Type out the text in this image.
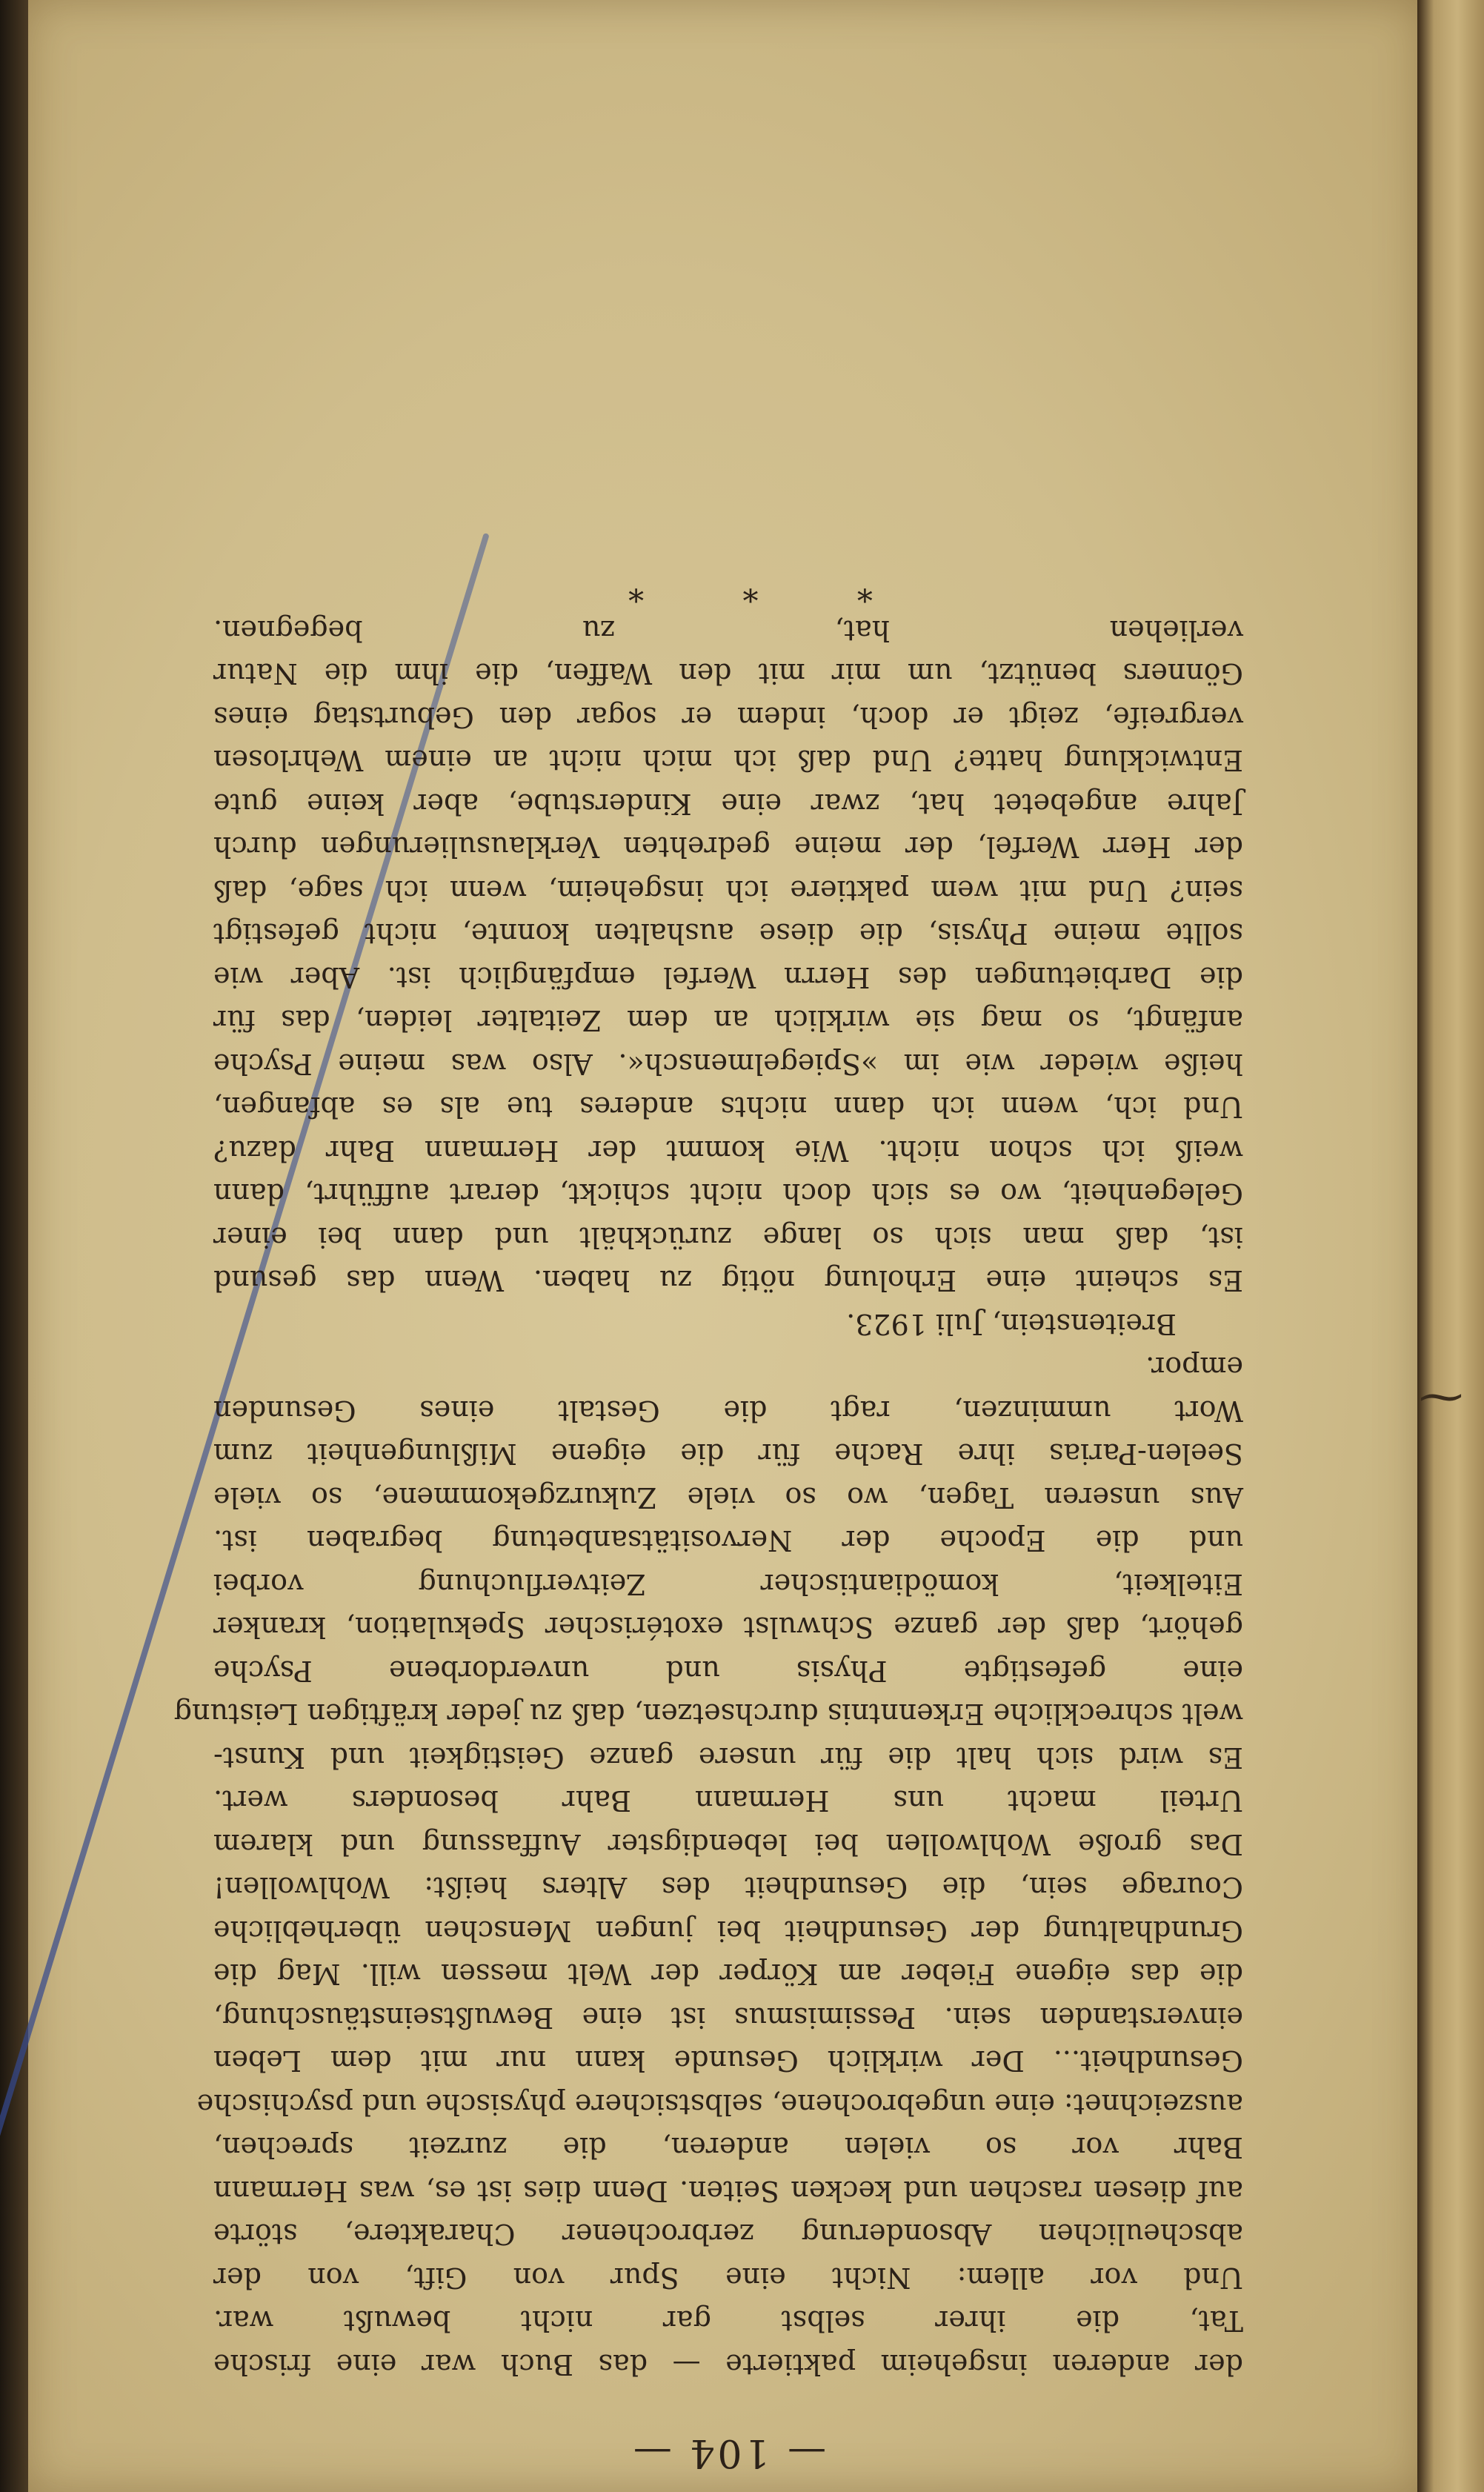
— 104 —
der anderen insgeheim paktierte — das Buch war eine frische
Tat, die ihrer selbst gar nicht bewußt war.
Und vor allem: Nicht eine Spur von Gift, von der
abscheulichen Absonderung zerbrochener Charaktere, störte
auf diesen raschen und kecken Seiten. Denn dies ist es, was Hermann
Bahr vor so vielen anderen, die zurzeit sprechen,
auszeichnet: eine ungebrochene, selbstsichere physische und psychische
Gesundheit... Der wirklich Gesunde kann nur mit dem Leben
einverstanden sein. Pessimismus ist eine Bewußtseinstäuschung,
die das eigene Fieber am Körper der Welt messen will. Mag die
Grundhaltung der Gesundheit bei jungen Menschen überhebliche
Courage sein, die Gesundheit des Alters heißt: Wohlwollen!
Das große Wohlwollen bei lebendigster Auffassung und klarem
Urteil macht uns Hermann Bahr besonders wert.
Es wird sich halt die für unsere ganze Geistigkeit und Kunst-
welt schreckliche Erkenntnis durchsetzen, daß zu jeder kräftigen Leistung
eine gefestigte Physis und unverdorbene Psyche
gehört, daß der ganze Schwulst exotérischer Spekulation, kranker
Eitelkeit, komödiantischer Zeitverfluchung vorbei
und die Epoche der Nervositätsanbetung begraben ist.
Aus unseren Tagen, wo so viele Zukurzgekommene, so viele
Seelen-Parias ihre Rache für die eigene Mißlungenheit zum
Wort umminzen, ragt die Gestalt eines Gesunden
empor.
Breitenstein, Juli 1923.
Es scheint eine Erholung nötig zu haben. Wenn das gesund
ist, daß man sich so lange zurückhält und dann bei einer
Gelegenheit, wo es sich doch nicht schickt, derart aufführt, dann
weiß ich schon nicht. Wie kommt der Hermann Bahr dazu?
Und ich, wenn ich dann nichts anderes tue als es abfangen,
heiße wieder wie im »Spiegelmensch«. Also was meine Psyche
anfängt, so mag sie wirklich an dem Zeitalter leiden, das für
die Darbietungen des Herrn Werfel empfänglich ist. Aber wie
sollte meine Physis, die diese aushalten konnte, nicht gefestigt
sein? Und mit wem paktiere ich insgeheim, wenn ich sage, daß
der Herr Werfel, der meine gedrehten Verklausulierungen durch
Jahre angebetet hat, zwar eine Kinderstube, aber keine gute
Entwicklung hatte? Und daß ich mich nicht an einem Wehrlosen
vergreife, zeigt er doch, indem er sogar den Geburtstag eines
Gönners benützt, um mir mit den Waffen, die ihm die Natur
verliehen hat, zu begegnen.
* * *
⁓
